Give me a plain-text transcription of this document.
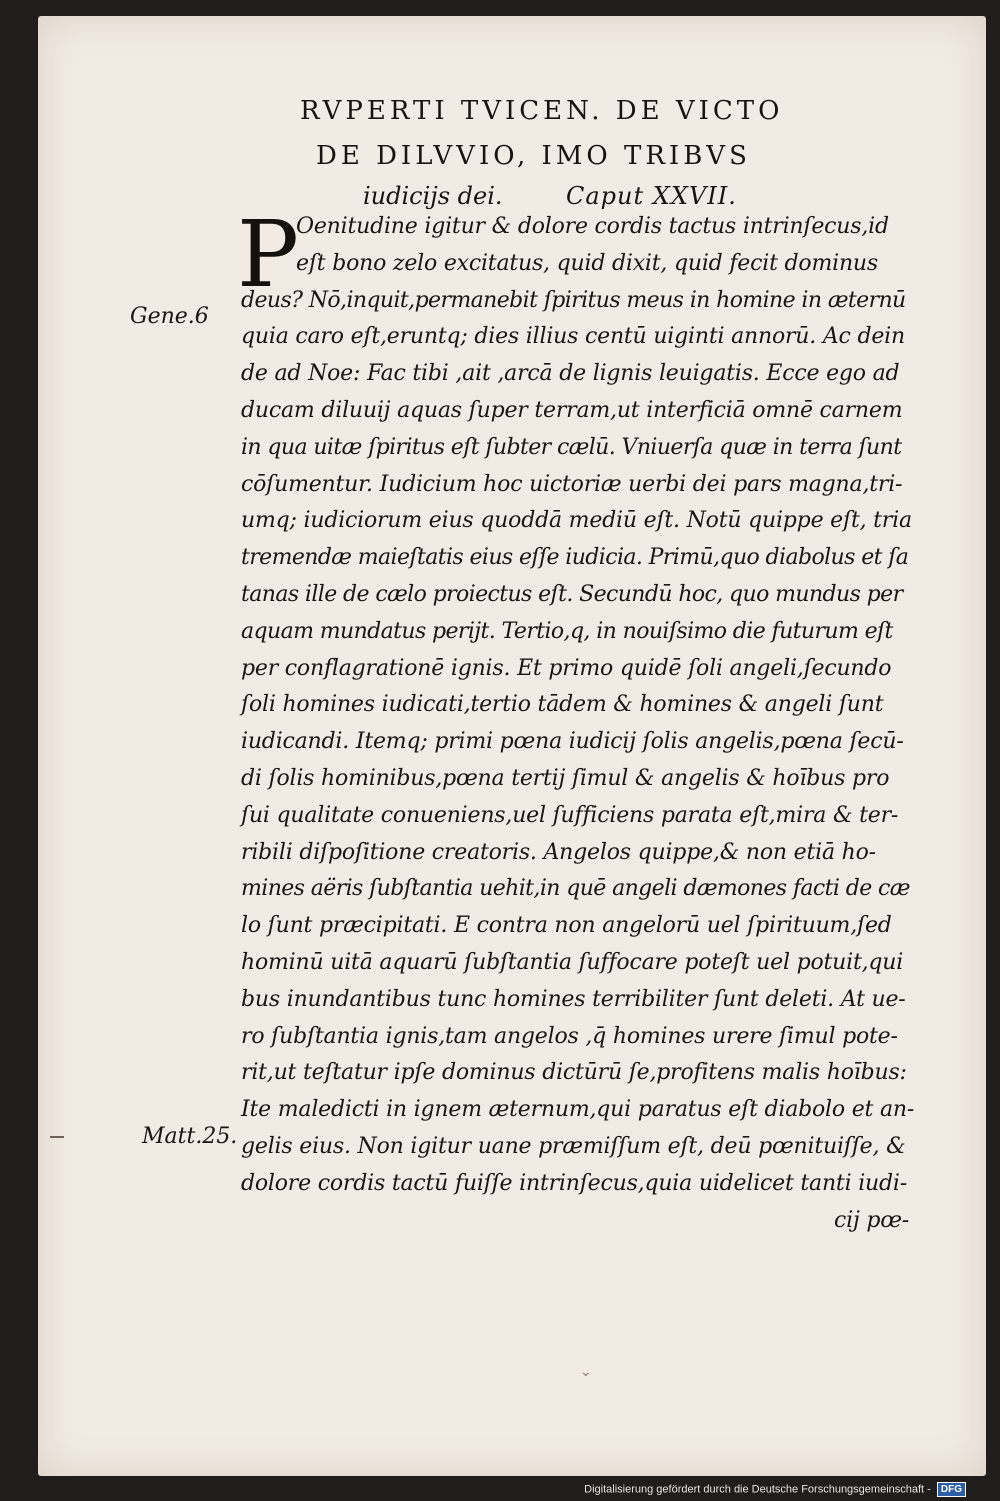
RVPERTI TVICEN. DE VICTO
DE DILVVIO, IMO TRIBVS
iudicijs dei.	Caput XXVII.
P
Gene.6
Matt.25.
Oenitudine igitur & dolore cordis tactus intrinſecus,id
eſt bono zelo excitatus, quid dixit, quid fecit dominus
deus? Nō,inquit,permanebit ſpiritus meus in homine in æternū
quia caro eſt,eruntq; dies illius centū uiginti annorū. Ac dein
de ad Noe: Fac tibi ,ait ,arcā de lignis leuigatis. Ecce ego ad
ducam diluuij aquas ſuper terram,ut interficiā omnē carnem
in qua uitæ ſpiritus eſt ſubter cælū. Vniuerſa quæ in terra ſunt
cōſumentur. Iudicium hoc uictoriæ uerbi dei pars magna,tri-
umq; iudiciorum eius quoddā mediū eſt. Notū quippe eſt, tria
tremendæ maieſtatis eius eſſe iudicia. Primū,quo diabolus et ſa
tanas ille de cælo proiectus eſt. Secundū hoc, quo mundus per
aquam mundatus perijt. Tertio,q, in nouiſsimo die futurum eſt
per conflagrationē ignis. Et primo quidē ſoli angeli,ſecundo
ſoli homines iudicati,tertio tādem & homines & angeli ſunt
iudicandi. Itemq; primi pœna iudicij ſolis angelis,pœna ſecū-
di ſolis hominibus,pœna tertij ſimul & angelis & hoībus pro
ſui qualitate conueniens,uel ſufficiens parata eſt,mira & ter-
ribili diſpoſitione creatoris. Angelos quippe,& non etiā ho-
mines aëris ſubſtantia uehit,in quē angeli dæmones facti de cæ
lo ſunt præcipitati. E contra non angelorū uel ſpirituum,ſed
hominū uitā aquarū ſubſtantia ſuffocare poteſt uel potuit,qui
bus inundantibus tunc homines terribiliter ſunt deleti. At ue-
ro ſubſtantia ignis,tam angelos ,q̄ homines urere ſimul pote-
rit,ut teſtatur ipſe dominus dictūrū ſe,profitens malis hoībus:
Ite maledicti in ignem æternum,qui paratus eſt diabolo et an-
gelis eius. Non igitur uane præmiſſum eſt, deū pœnituiſſe, &
dolore cordis tactū fuiſſe intrinſecus,quia uidelicet tanti iudi-
cij pœ-
⌄
Digitalisierung gefördert durch die Deutsche Forschungsgemeinschaft - DFG
